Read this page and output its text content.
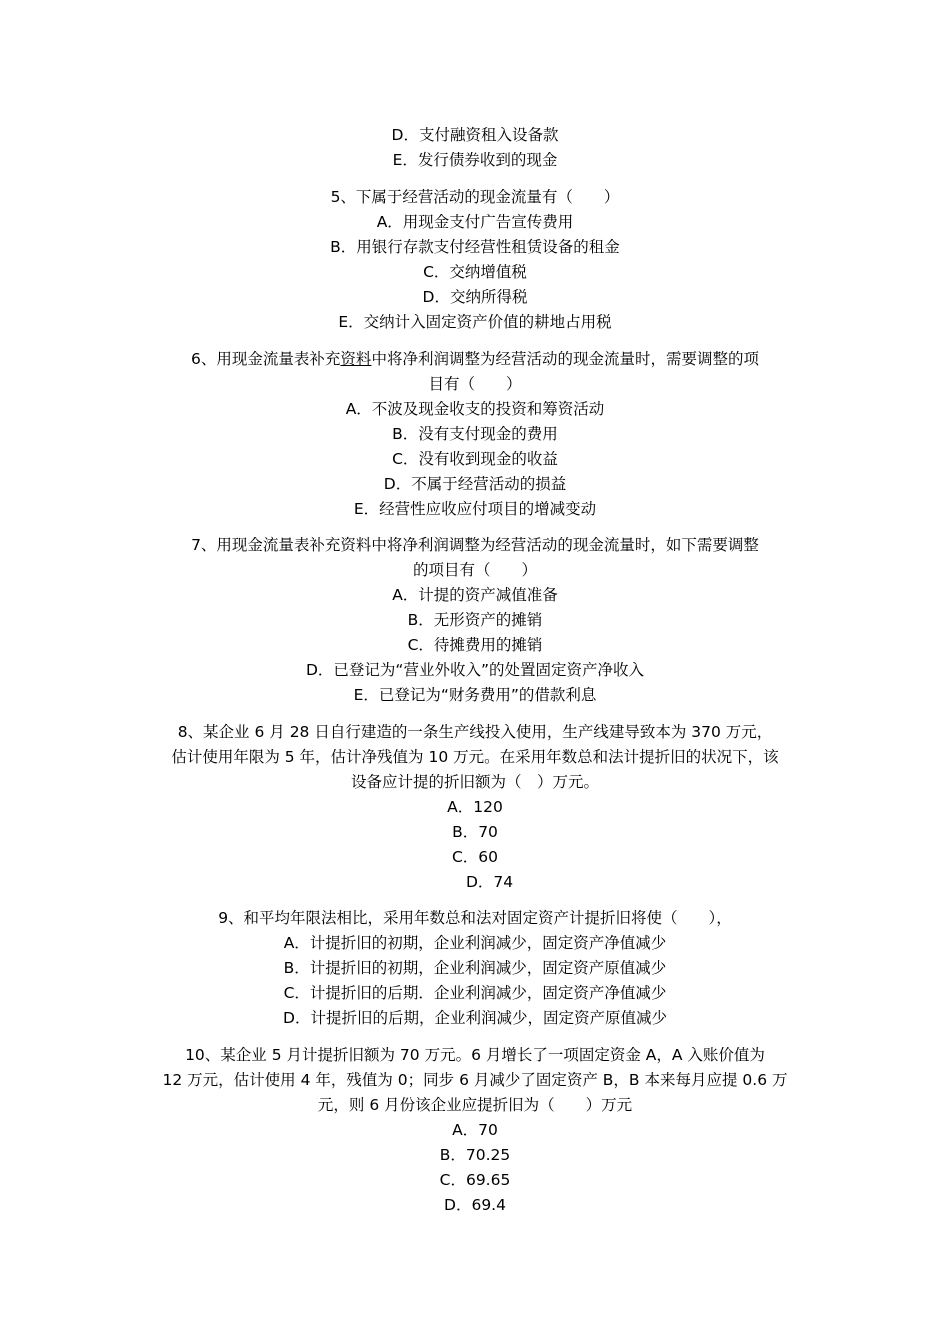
D．支付融资租入设备款
E．发行债券收到的现金
5、下属于经营活动的现金流量有（　　）
A．用现金支付广告宣传费用
B．用银行存款支付经营性租赁设备的租金
C．交纳增值税
D．交纳所得税
E．交纳计入固定资产价值的耕地占用税
6、用现金流量表补充资料中将净利润调整为经营活动的现金流量时，需要调整的项
目有（　　）
A．不波及现金收支的投资和筹资活动
B．没有支付现金的费用
C．没有收到现金的收益
D．不属于经营活动的损益
E．经营性应收应付项目的增减变动
7、用现金流量表补充资料中将净利润调整为经营活动的现金流量时，如下需要调整
的项目有（　　）
A．计提的资产减值准备
B．无形资产的摊销
C．待摊费用的摊销
D．已登记为“营业外收入”的处置固定资产净收入
E．已登记为“财务费用”的借款利息
8、某企业 6 月 28 日自行建造的一条生产线投入使用，生产线建导致本为 370 万元，
估计使用年限为 5 年，估计净残值为 10 万元。在采用年数总和法计提折旧的状况下，该
设备应计提的折旧额为（　）万元。
A．120
B．70
C．60
D．74
9、和平均年限法相比，采用年数总和法对固定资产计提折旧将使（　　），
A．计提折旧的初期，企业利润减少，固定资产净值减少
B．计提折旧的初期，企业利润减少，固定资产原值减少
C．计提折旧的后期．企业利润减少，固定资产净值减少
D．计提折旧的后期，企业利润减少，固定资产原值减少
10、某企业 5 月计提折旧额为 70 万元。6 月增长了一项固定资金 A，A 入账价值为
12 万元，估计使用 4 年，残值为 0；同步 6 月减少了固定资产 B，B 本来每月应提 0.6 万
元，则 6 月份该企业应提折旧为（　　）万元
A．70
B．70.25
C．69.65
D．69.4
